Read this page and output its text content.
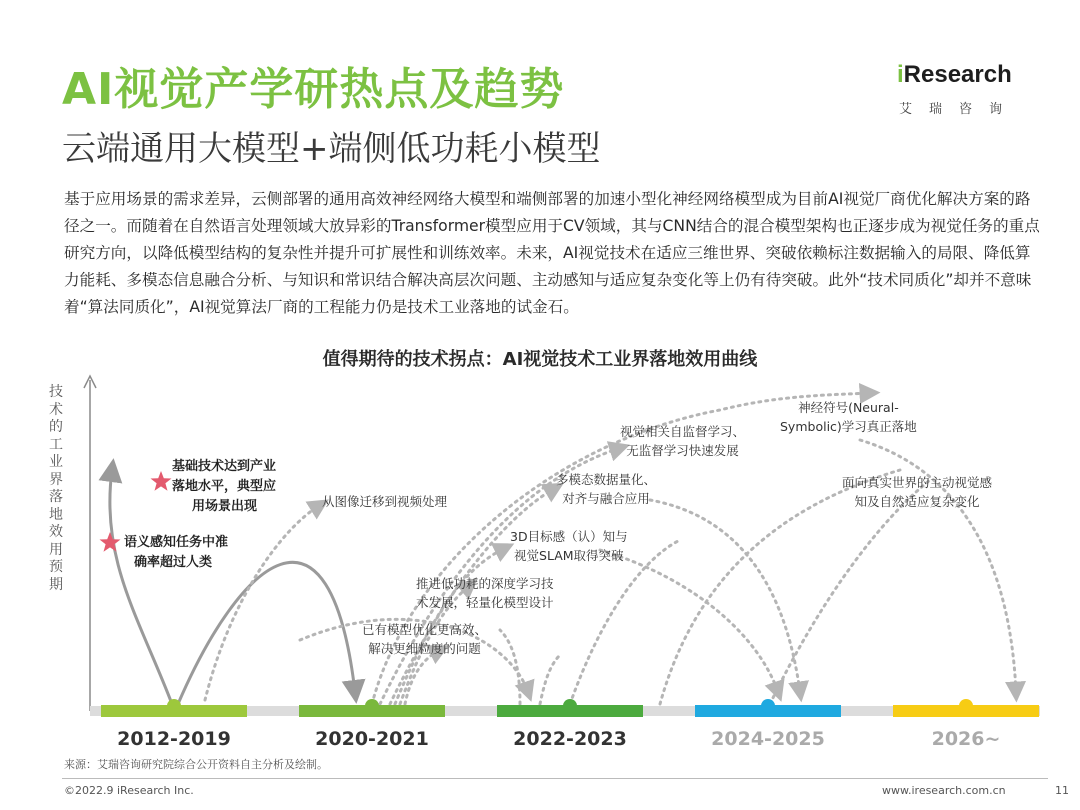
AI视觉产学研热点及趋势
云端通用大模型+端侧低功耗小模型
iResearch
艾瑞咨询

基于应用场景的需求差异，云侧部署的通用高效神经网络大模型和端侧部署的加速小型化神经网络模型成为目前AI视觉厂商优化解决方案的路径之一。而随着在自然语言处理领域大放异彩的Transformer模型应用于CV领域，其与CNN结合的混合模型架构也正逐步成为视觉任务的重点研究方向，以降低模型结构的复杂性并提升可扩展性和训练效率。未来，AI视觉技术在适应三维世界、突破依赖标注数据输入的局限、降低算力能耗、多模态信息融合分析、与知识和常识结合解决高层次问题、主动感知与适应复杂变化等上仍有待突破。此外“技术同质化”却并不意味着“算法同质化”，AI视觉算法厂商的工程能力仍是技术工业落地的试金石。

值得期待的技术拐点：AI视觉技术工业界落地效用曲线
技术的工业界落地效用预期
基础技术达到产业
落地水平，典型应
用场景出现
语义感知任务中准
确率超过人类
从图像迁移到视频处理
神经符号(Neural-
Symbolic)学习真正落地
视觉相关自监督学习、
无监督学习快速发展
多模态数据量化、
对齐与融合应用
面向真实世界的主动视觉感
知及自然适应复杂变化
3D目标感（认）知与
视觉SLAM取得突破
推进低功耗的深度学习技
术发展，轻量化模型设计
已有模型优化更高效、
解决更细粒度的问题
2012-2019	2020-2021	2022-2023	2024-2025	2026~
来源：艾瑞咨询研究院综合公开资料自主分析及绘制。
©2022.9 iResearch Inc.	www.iresearch.com.cn	11
